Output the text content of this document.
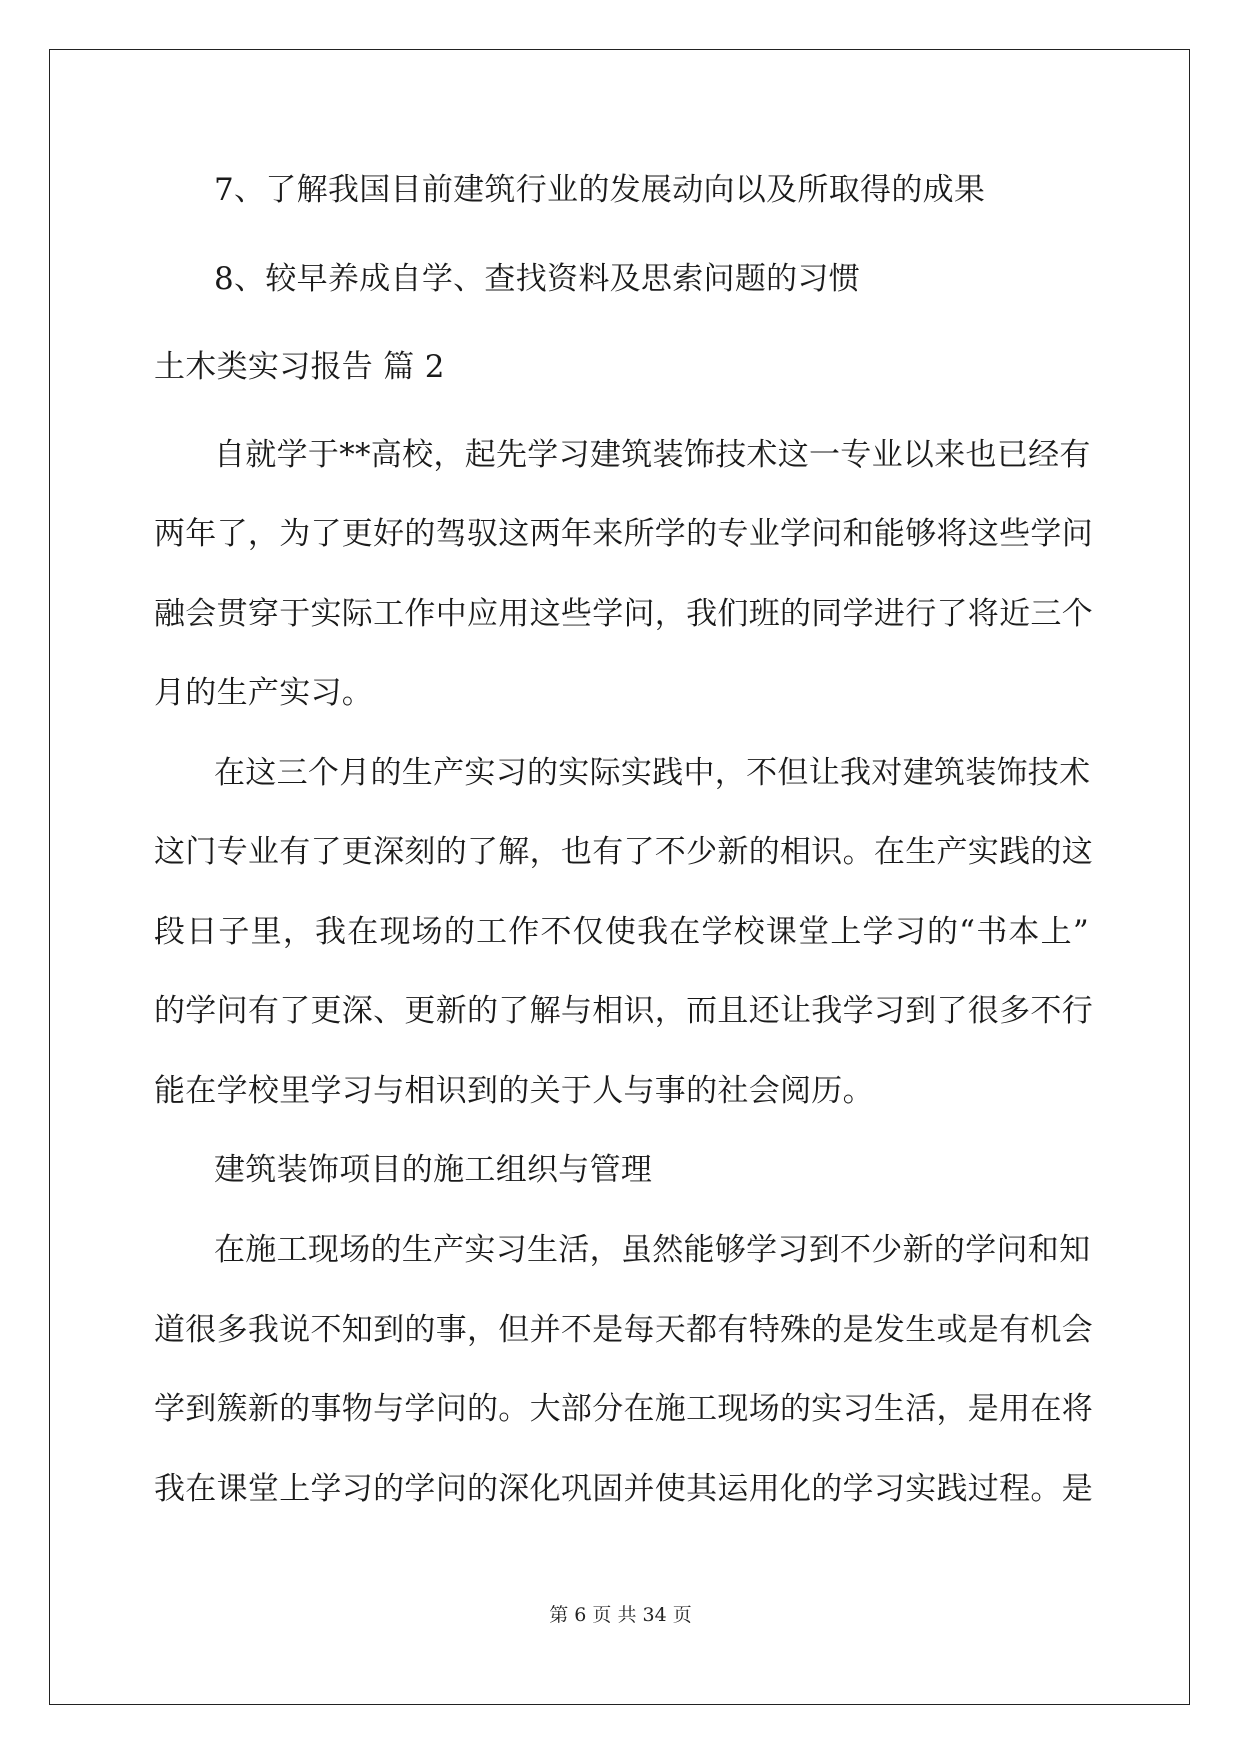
7、了解我国目前建筑行业的发展动向以及所取得的成果
8、较早养成自学、查找资料及思索问题的习惯
土木类实习报告 篇 2
自就学于**高校，起先学习建筑装饰技术这一专业以来也已经有
两年了，为了更好的驾驭这两年来所学的专业学问和能够将这些学问
融会贯穿于实际工作中应用这些学问，我们班的同学进行了将近三个
月的生产实习。
在这三个月的生产实习的实际实践中，不但让我对建筑装饰技术
这门专业有了更深刻的了解，也有了不少新的相识。在生产实践的这
段日子里，我在现场的工作不仅使我在学校课堂上学习的“书本上”
的学问有了更深、更新的了解与相识，而且还让我学习到了很多不行
能在学校里学习与相识到的关于人与事的社会阅历。
建筑装饰项目的施工组织与管理
在施工现场的生产实习生活，虽然能够学习到不少新的学问和知
道很多我说不知到的事，但并不是每天都有特殊的是发生或是有机会
学到簇新的事物与学问的。大部分在施工现场的实习生活，是用在将
我在课堂上学习的学问的深化巩固并使其运用化的学习实践过程。是
第 6 页 共 34 页
